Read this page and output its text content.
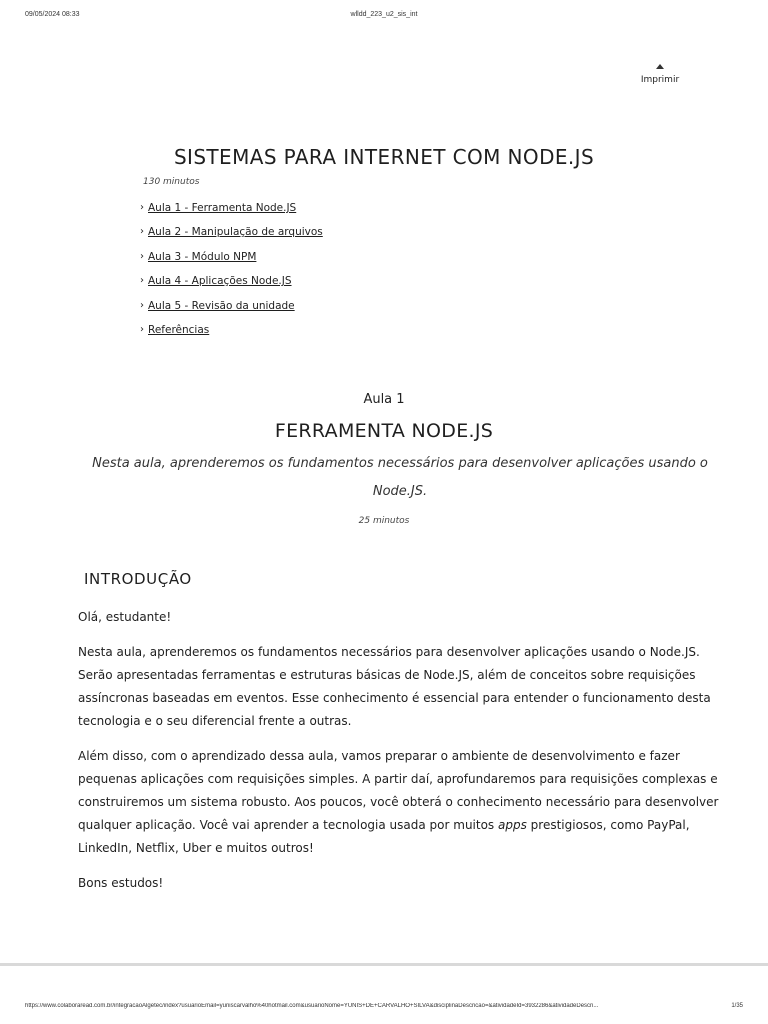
09/05/2024 08:33	wlldd_223_u2_sis_int
Imprimir
SISTEMAS PARA INTERNET COM NODE.JS
130 minutos
› Aula 1 - Ferramenta Node.JS
› Aula 2 - Manipulação de arquivos
› Aula 3 - Módulo NPM
› Aula 4 - Aplicações Node.JS
› Aula 5 - Revisão da unidade
› Referências
Aula 1
FERRAMENTA NODE.JS
Nesta aula, aprenderemos os fundamentos necessários para desenvolver aplicações usando o Node.JS.
25 minutos
INTRODUÇÃO

Olá, estudante!

Nesta aula, aprenderemos os fundamentos necessários para desenvolver aplicações usando o Node.JS. Serão apresentadas ferramentas e estruturas básicas de Node.JS, além de conceitos sobre requisições assíncronas baseadas em eventos. Esse conhecimento é essencial para entender o funcionamento desta tecnologia e o seu diferencial frente a outras.

Além disso, com o aprendizado dessa aula, vamos preparar o ambiente de desenvolvimento e fazer pequenas aplicações com requisições simples. A partir daí, aprofundaremos para requisições complexas e construiremos um sistema robusto. Aos poucos, você obterá o conhecimento necessário para desenvolver qualquer aplicação. Você vai aprender a tecnologia usada por muitos apps prestigiosos, como PayPal, LinkedIn, Netflix, Uber e muitos outros!

Bons estudos!

https://www.colaboraread.com.br/integracaoAlgetec/index?usuarioEmail=yuniscarvalho%40hotmail.com&usuarioNome=YUNIS+DE+CARVALHO+SILVA&disciplinaDescricao=&atividadeId=3932286&atividadeDescri...	1/35
